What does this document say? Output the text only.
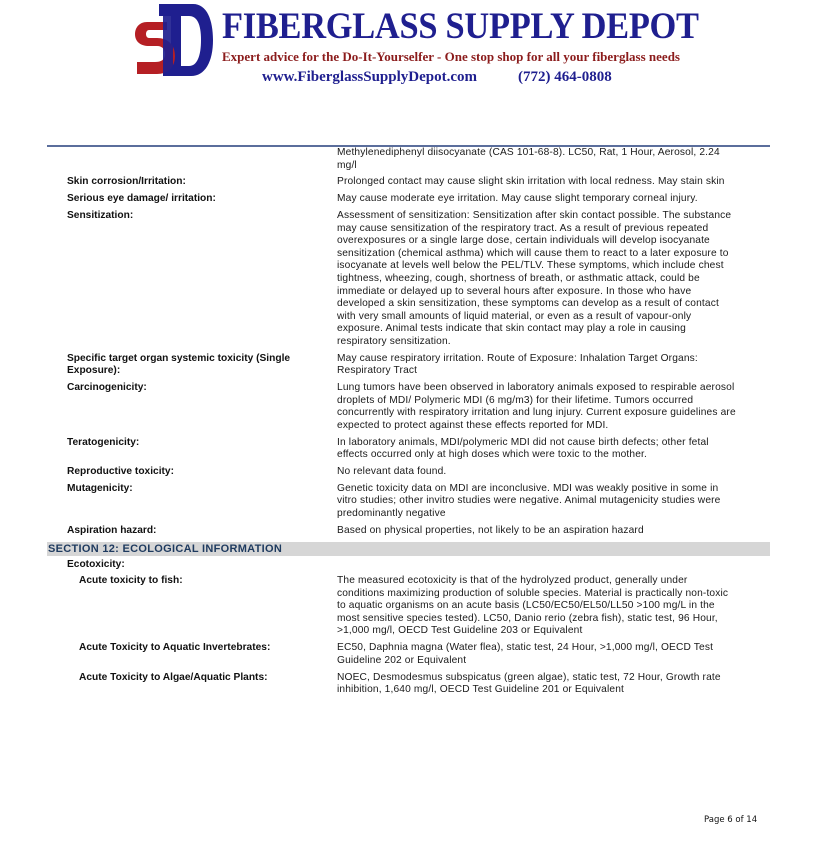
FIBERGLASS SUPPLY DEPOT
Expert advice for the Do-It-Yourselfer - One stop shop for all your fiberglass needs
www.FiberglassSupplyDepot.com	(772) 464-0808
Methylenediphenyl diisocyanate (CAS 101-68-8). LC50, Rat, 1 Hour, Aerosol, 2.24 mg/l
Skin corrosion/Irritation:	Prolonged contact may cause slight skin irritation with local redness. May stain skin
Serious eye damage/ irritation:	May cause moderate eye irritation. May cause slight temporary corneal injury.
Sensitization:	Assessment of sensitization: Sensitization after skin contact possible. The substance may cause sensitization of the respiratory tract. As a result of previous repeated overexposures or a single large dose, certain individuals will develop isocyanate sensitization (chemical asthma) which will cause them to react to a later exposure to isocyanate at levels well below the PEL/TLV. These symptoms, which include chest tightness, wheezing, cough, shortness of breath, or asthmatic attack, could be immediate or delayed up to several hours after exposure. In those who have developed a skin sensitization, these symptoms can develop as a result of contact with very small amounts of liquid material, or even as a result of vapour-only exposure. Animal tests indicate that skin contact may play a role in causing respiratory sensitization.
Specific target organ systemic toxicity (Single Exposure):
May cause respiratory irritation. Route of Exposure: Inhalation Target Organs: Respiratory Tract
Carcinogenicity:	Lung tumors have been observed in laboratory animals exposed to respirable aerosol droplets of MDI/ Polymeric MDI (6 mg/m3) for their lifetime. Tumors occurred concurrently with respiratory irritation and lung injury. Current exposure guidelines are expected to protect against these effects reported for MDI.
Teratogenicity:	In laboratory animals, MDI/polymeric MDI did not cause birth defects; other fetal effects occurred only at high doses which were toxic to the mother.
Reproductive toxicity:	No relevant data found.
Mutagenicity:	Genetic toxicity data on MDI are inconclusive. MDI was weakly positive in some in vitro studies; other invitro studies were negative. Animal mutagenicity studies were predominantly negative
Aspiration hazard:	Based on physical properties, not likely to be an aspiration hazard
SECTION 12: ECOLOGICAL INFORMATION
Ecotoxicity:
Acute toxicity to fish:	The measured ecotoxicity is that of the hydrolyzed product, generally under conditions maximizing production of soluble species. Material is practically non-toxic to aquatic organisms on an acute basis (LC50/EC50/EL50/LL50 >100 mg/L in the most sensitive species tested). LC50, Danio rerio (zebra fish), static test, 96 Hour, >1,000 mg/l, OECD Test Guideline 203 or Equivalent
Acute Toxicity to Aquatic Invertebrates:	EC50, Daphnia magna (Water flea), static test, 24 Hour, >1,000 mg/l, OECD Test Guideline 202 or Equivalent
Acute Toxicity to Algae/Aquatic Plants:	NOEC, Desmodesmus subspicatus (green algae), static test, 72 Hour, Growth rate inhibition, 1,640 mg/l, OECD Test Guideline 201 or Equivalent
Page 6 of 14
